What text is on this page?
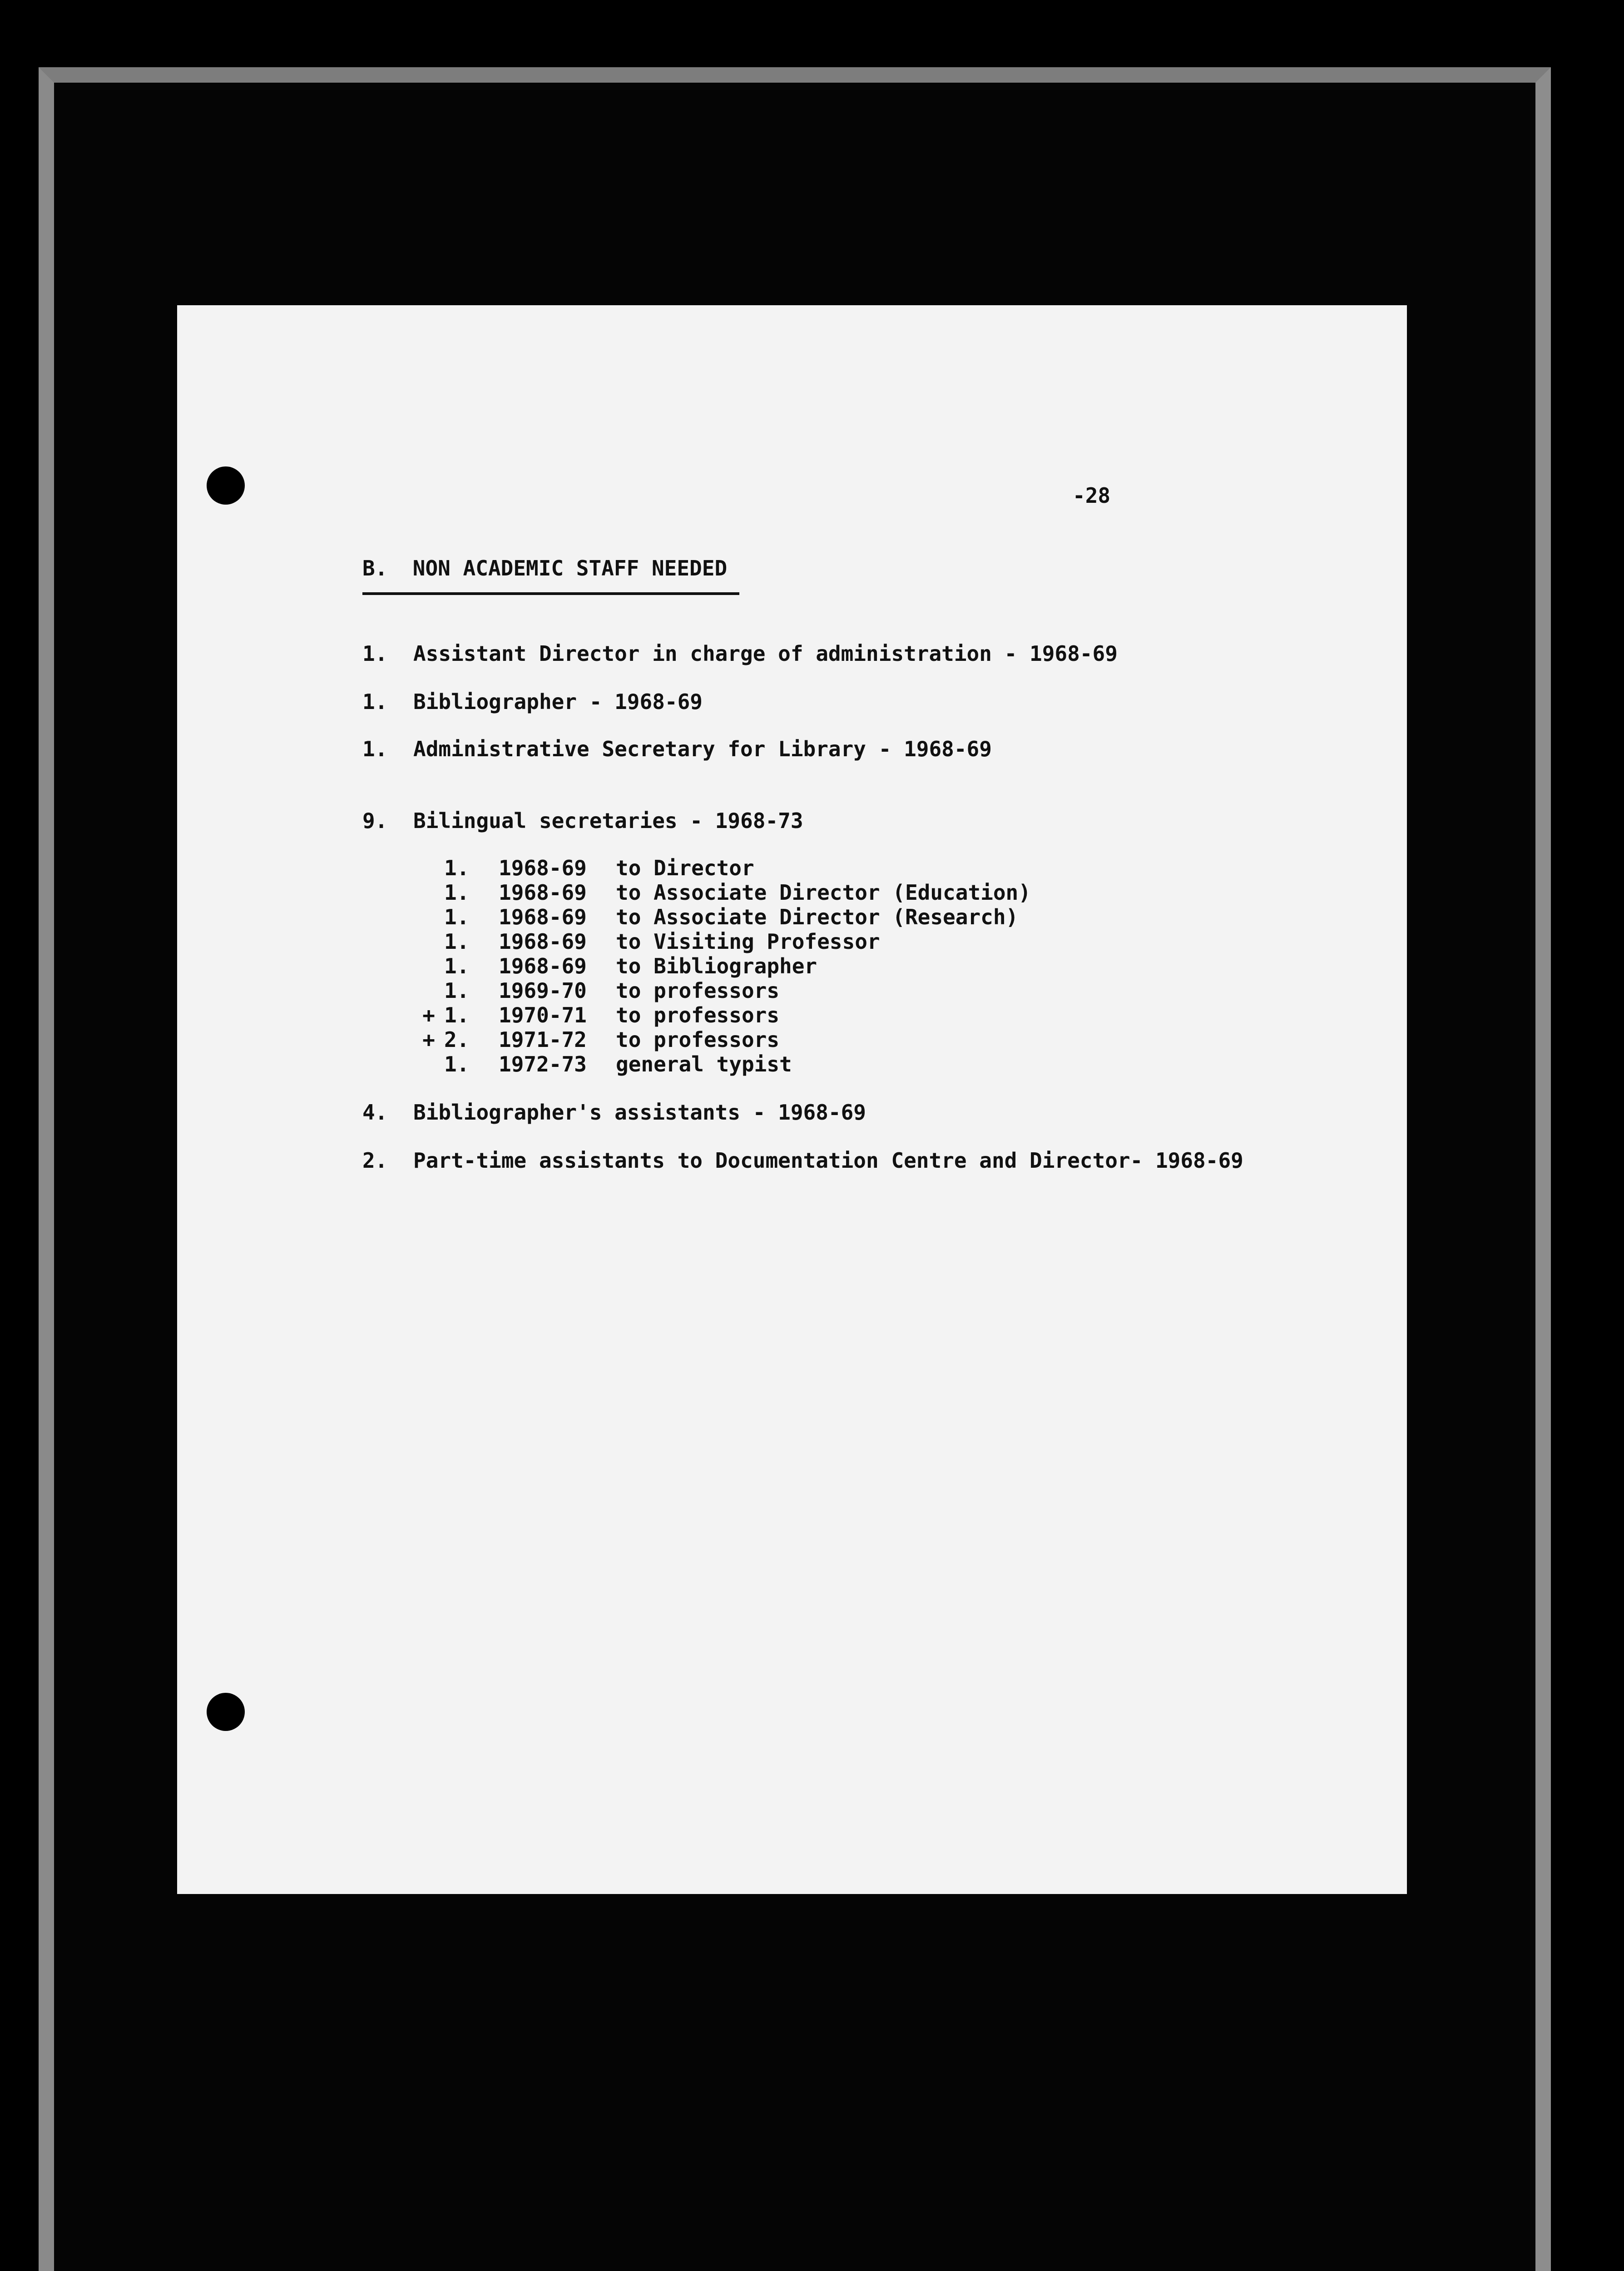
-28
B.  NON ACADEMIC STAFF NEEDED
1. Assistant Director in charge of administration - 1968-69
1. Bibliographer - 1968-69
1. Administrative Secretary for Library - 1968-69
9. Bilingual secretaries - 1968-73
1. 1968-69 to Director
1. 1968-69 to Associate Director (Education)
1. 1968-69 to Associate Director (Research)
1. 1968-69 to Visiting Professor
1. 1968-69 to Bibliographer
1. 1969-70 to professors
+ 1. 1970-71 to professors
+ 2. 1971-72 to professors
1. 1972-73 general typist
4. Bibliographer's assistants - 1968-69
2. Part-time assistants to Documentation Centre and Director- 1968-69
